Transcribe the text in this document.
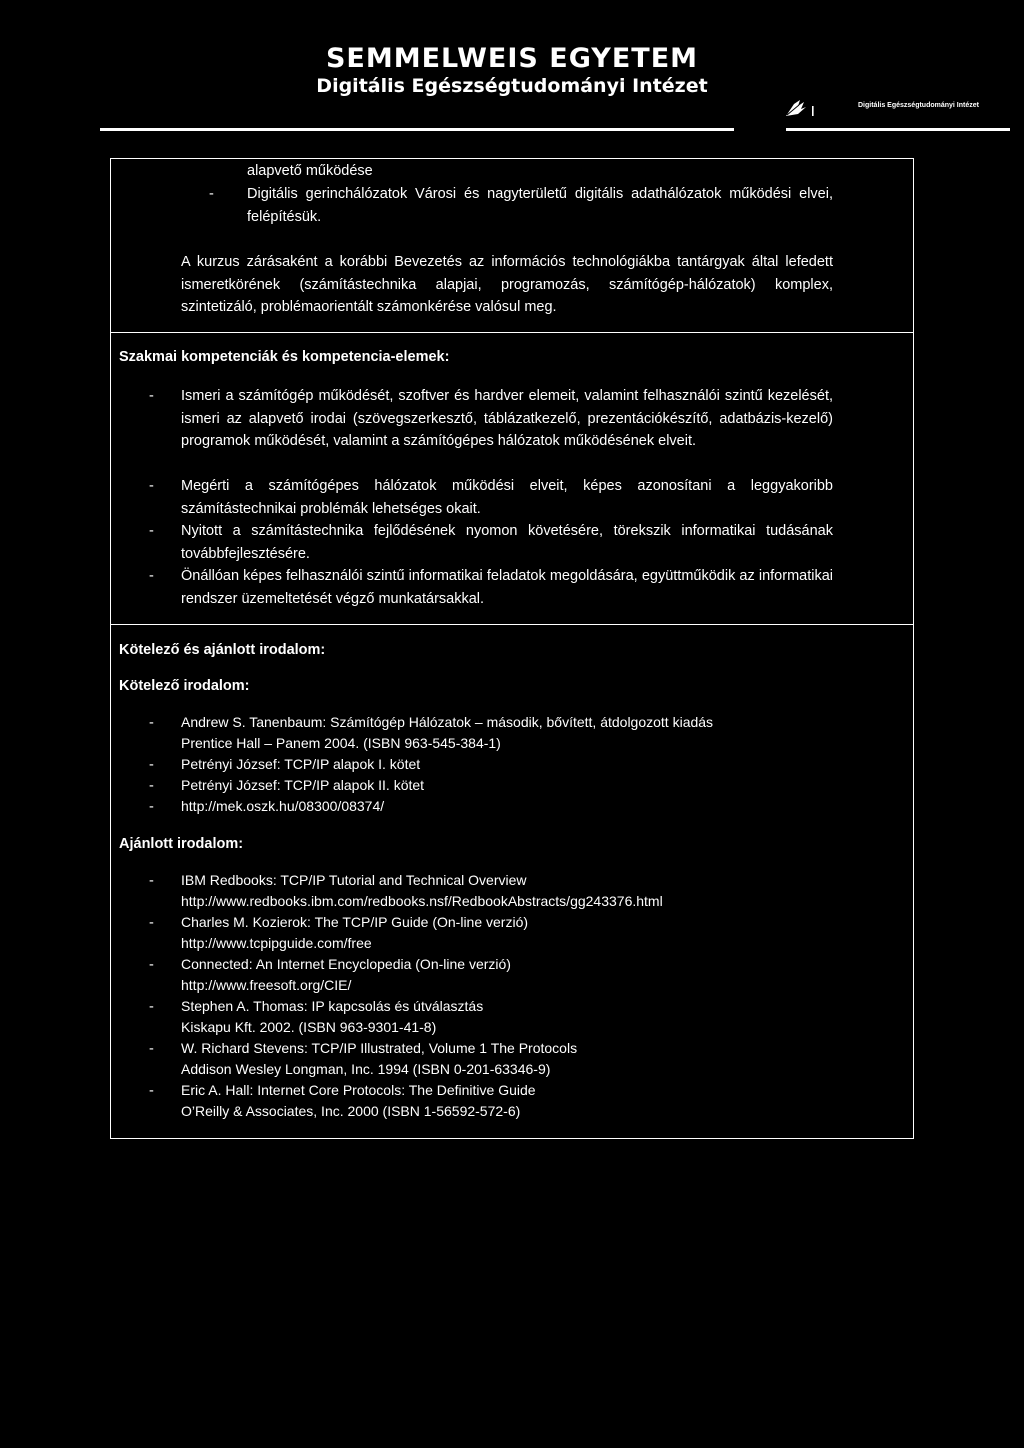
SEMMELWEIS EGYETEM
Digitális Egészségtudományi Intézet
Digitális Egészségtudományi Intézet
alapvető működése
- Digitális gerinchálózatok Városi és nagyterületű digitális adathálózatok működési elvei, felépítésük.
A kurzus zárásaként a korábbi Bevezetés az információs technológiákba tantárgyak által lefedett ismeretkörének (számítástechnika alapjai, programozás, számítógép-hálózatok) komplex, szintetizáló, problémaorientált számonkérése valósul meg.
Szakmai kompetenciák és kompetencia-elemek:
- Ismeri a számítógép működését, szoftver és hardver elemeit, valamint felhasználói szintű kezelését, ismeri az alapvető irodai (szövegszerkesztő, táblázatkezelő, prezentációkészítő, adatbázis-kezelő) programok működését, valamint a számítógépes hálózatok működésének elveit.
- Megérti a számítógépes hálózatok működési elveit, képes azonosítani a leggyakoribb számítástechnikai problémák lehetséges okait.
- Nyitott a számítástechnika fejlődésének nyomon követésére, törekszik informatikai tudásának továbbfejlesztésére.
- Önállóan képes felhasználói szintű informatikai feladatok megoldására, együttműködik az informatikai rendszer üzemeltetését végző munkatársakkal.
Kötelező és ajánlott irodalom:
Kötelező irodalom:
- Andrew S. Tanenbaum: Számítógép Hálózatok – második, bővített, átdolgozott kiadás
Prentice Hall – Panem 2004. (ISBN 963-545-384-1)
- Petrényi József: TCP/IP alapok I. kötet
- Petrényi József: TCP/IP alapok II. kötet
- http://mek.oszk.hu/08300/08374/
Ajánlott irodalom:
- IBM Redbooks: TCP/IP Tutorial and Technical Overview
http://www.redbooks.ibm.com/redbooks.nsf/RedbookAbstracts/gg243376.html
- Charles M. Kozierok: The TCP/IP Guide (On-line verzió)
http://www.tcpipguide.com/free
- Connected: An Internet Encyclopedia (On-line verzió)
http://www.freesoft.org/CIE/
- Stephen A. Thomas: IP kapcsolás és útválasztás
Kiskapu Kft. 2002. (ISBN 963-9301-41-8)
- W. Richard Stevens: TCP/IP Illustrated, Volume 1 The Protocols
Addison Wesley Longman, Inc. 1994 (ISBN 0-201-63346-9)
- Eric A. Hall: Internet Core Protocols: The Definitive Guide
O’Reilly & Associates, Inc. 2000 (ISBN 1-56592-572-6)
